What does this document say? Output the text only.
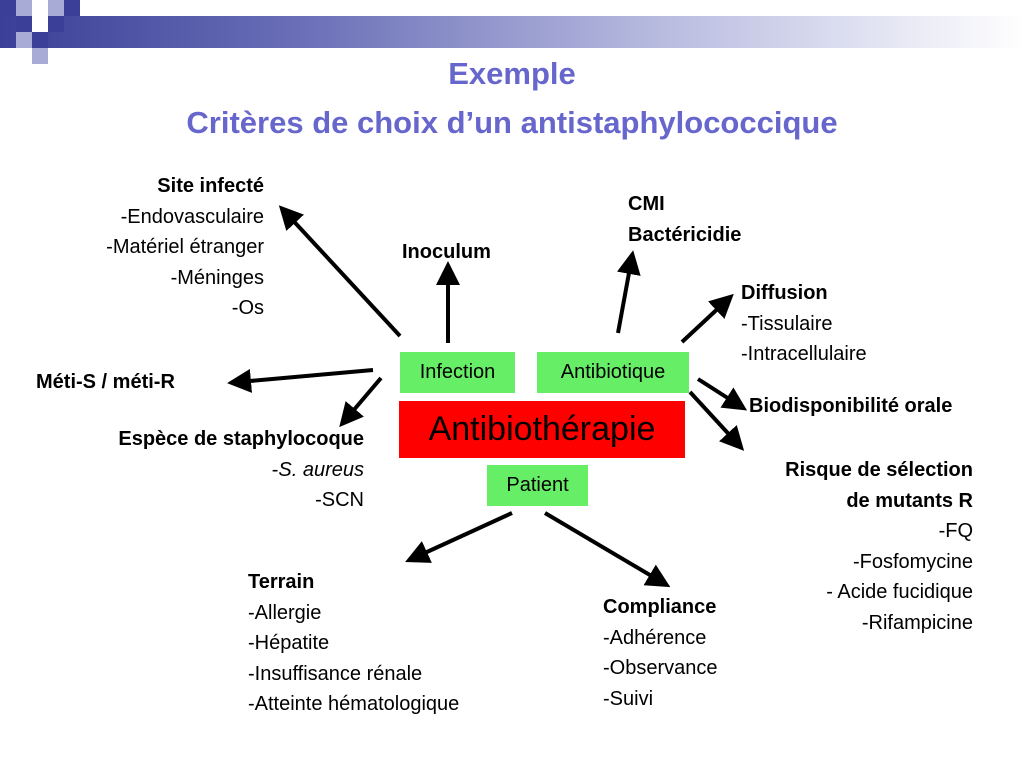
Exemple
Critères de choix d’un antistaphylococcique
Infection	Antibiotique
Antibiothérapie
Patient
Site infecté
-Endovasculaire
-Matériel étranger
-Méninges
-Os
Inoculum
Méti-S / méti-R
Espèce de staphylocoque
-S. aureus
-SCN
CMI
Bactéricidie
Diffusion
-Tissulaire
-Intracellulaire
Biodisponibilité orale
Risque de sélection
de mutants R
-FQ
-Fosfomycine
- Acide fucidique
-Rifampicine
Terrain
-Allergie
-Hépatite
-Insuffisance rénale
-Atteinte hématologique
Compliance
-Adhérence
-Observance
-Suivi
